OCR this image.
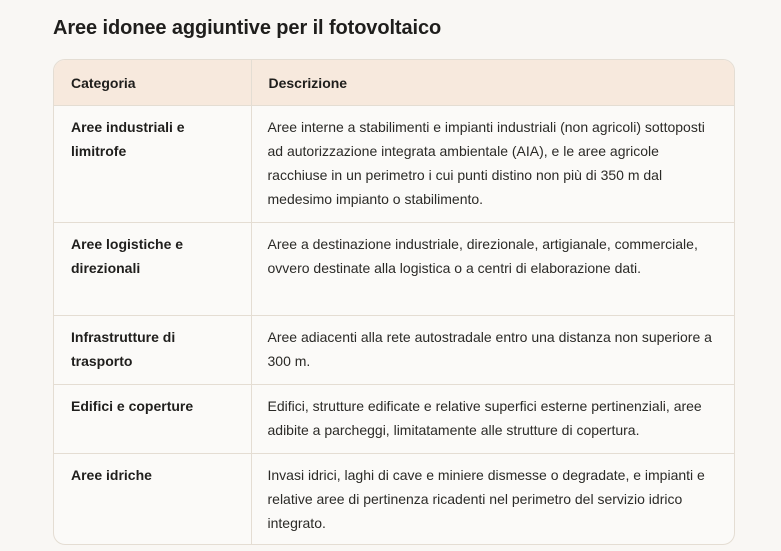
Aree idonee aggiuntive per il fotovoltaico
Categoria	Descrizione
Aree industriali e limitrofe	Aree interne a stabilimenti e impianti industriali (non agricoli) sottoposti ad autorizzazione integrata ambientale (AIA), e le aree agricole racchiuse in un perimetro i cui punti distino non più di 350 m dal medesimo impianto o stabilimento.
Aree logistiche e direzionali	Aree a destinazione industriale, direzionale, artigianale, commerciale, ovvero destinate alla logistica o a centri di elaborazione dati.
Infrastrutture di trasporto	Aree adiacenti alla rete autostradale entro una distanza non superiore a 300 m.
Edifici e coperture	Edifici, strutture edificate e relative superfici esterne pertinenziali, aree adibite a parcheggi, limitatamente alle strutture di copertura.
Aree idriche	Invasi idrici, laghi di cave e miniere dismesse o degradate, e impianti e relative aree di pertinenza ricadenti nel perimetro del servizio idrico integrato.
